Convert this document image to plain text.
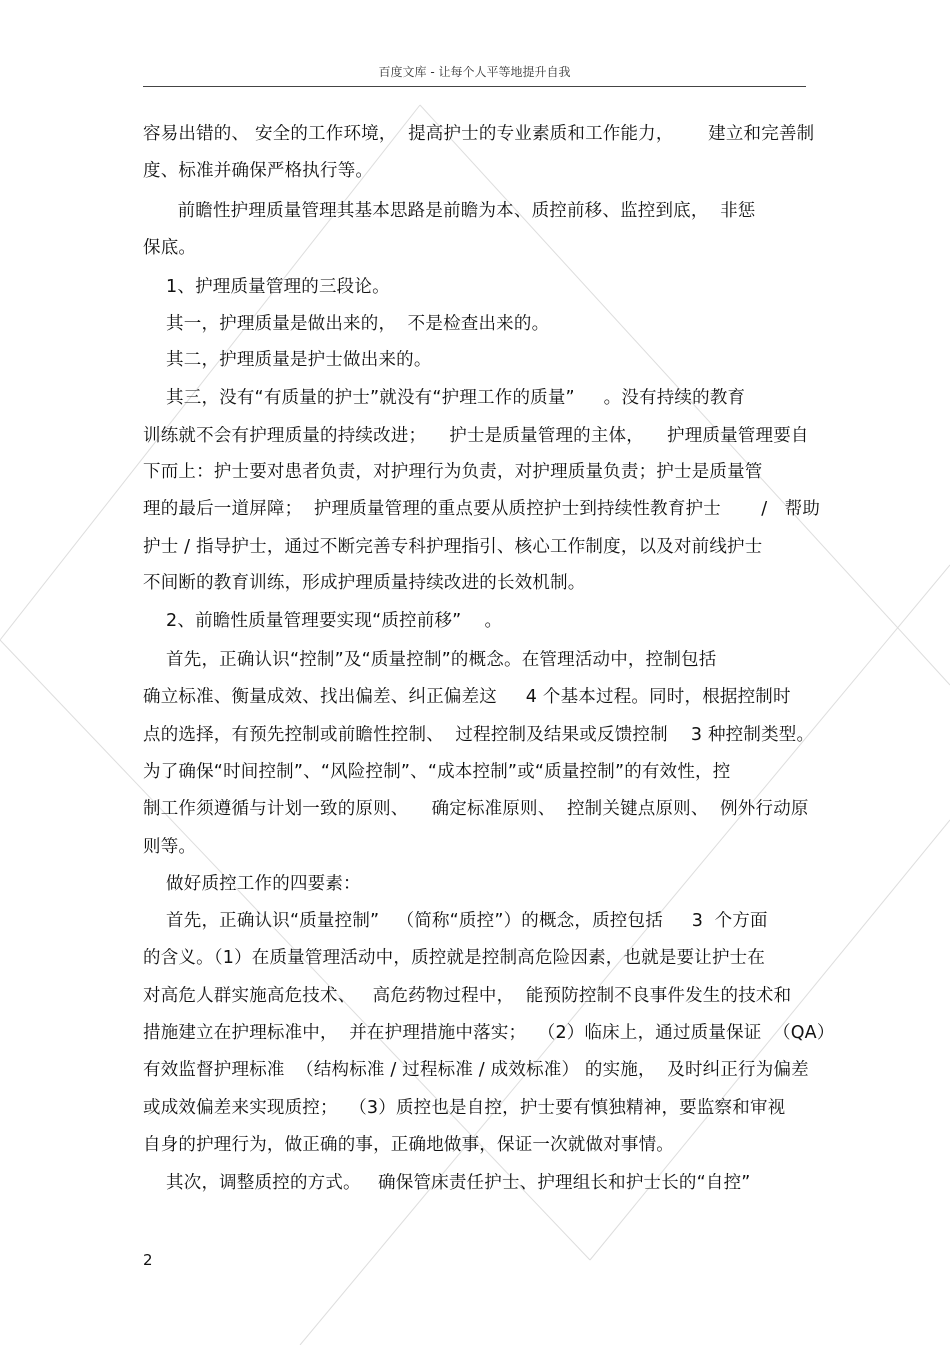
百度文库 - 让每个人平等地提升自我
容易出错的、 安全的工作环境，  提高护士的专业素质和工作能力，      建立和完善制
度、标准并确保严格执行等。
前瞻性护理质量管理其基本思路是前瞻为本、质控前移、监控到底，  非惩
保底。
1、护理质量管理的三段论。
其一，护理质量是做出来的，  不是检查出来的。
其二，护理质量是护士做出来的。
其三，没有“有质量的护士”就没有“护理工作的质量”     。没有持续的教育
训练就不会有护理质量的持续改进；    护士是质量管理的主体，    护理质量管理要自
下而上：护士要对患者负责，对护理行为负责，对护理质量负责；护士是质量管
理的最后一道屏障；  护理质量管理的重点要从质控护士到持续性教育护士       /   帮助
护士 / 指导护士，通过不断完善专科护理指引、核心工作制度，以及对前线护士
不间断的教育训练，形成护理质量持续改进的长效机制。
2、前瞻性质量管理要实现“质控前移”    。
首先，正确认识“控制”及“质量控制”的概念。在管理活动中，控制包括
确立标准、衡量成效、找出偏差、纠正偏差这     4 个基本过程。同时，根据控制时
点的选择，有预先控制或前瞻性控制、  过程控制及结果或反馈控制    3 种控制类型。
为了确保“时间控制”、“风险控制”、“成本控制”或“质量控制”的有效性，控
制工作须遵循与计划一致的原则、    确定标准原则、  控制关键点原则、  例外行动原
则等。
做好质控工作的四要素：
首先，正确认识“质量控制”   （简称“质控”）的概念，质控包括     3  个方面
的含义。（1）在质量管理活动中，质控就是控制高危险因素，也就是要让护士在
对高危人群实施高危技术、   高危药物过程中，  能预防控制不良事件发生的技术和
措施建立在护理标准中，  并在护理措施中落实；  （2）临床上，通过质量保证  （QA）
有效监督护理标准  （结构标准 / 过程标准 / 成效标准） 的实施，  及时纠正行为偏差
或成效偏差来实现质控；  （3）质控也是自控，护士要有慎独精神，要监察和审视
自身的护理行为，做正确的事，正确地做事，保证一次就做对事情。
其次，调整质控的方式。   确保管床责任护士、护理组长和护士长的“自控”
2
